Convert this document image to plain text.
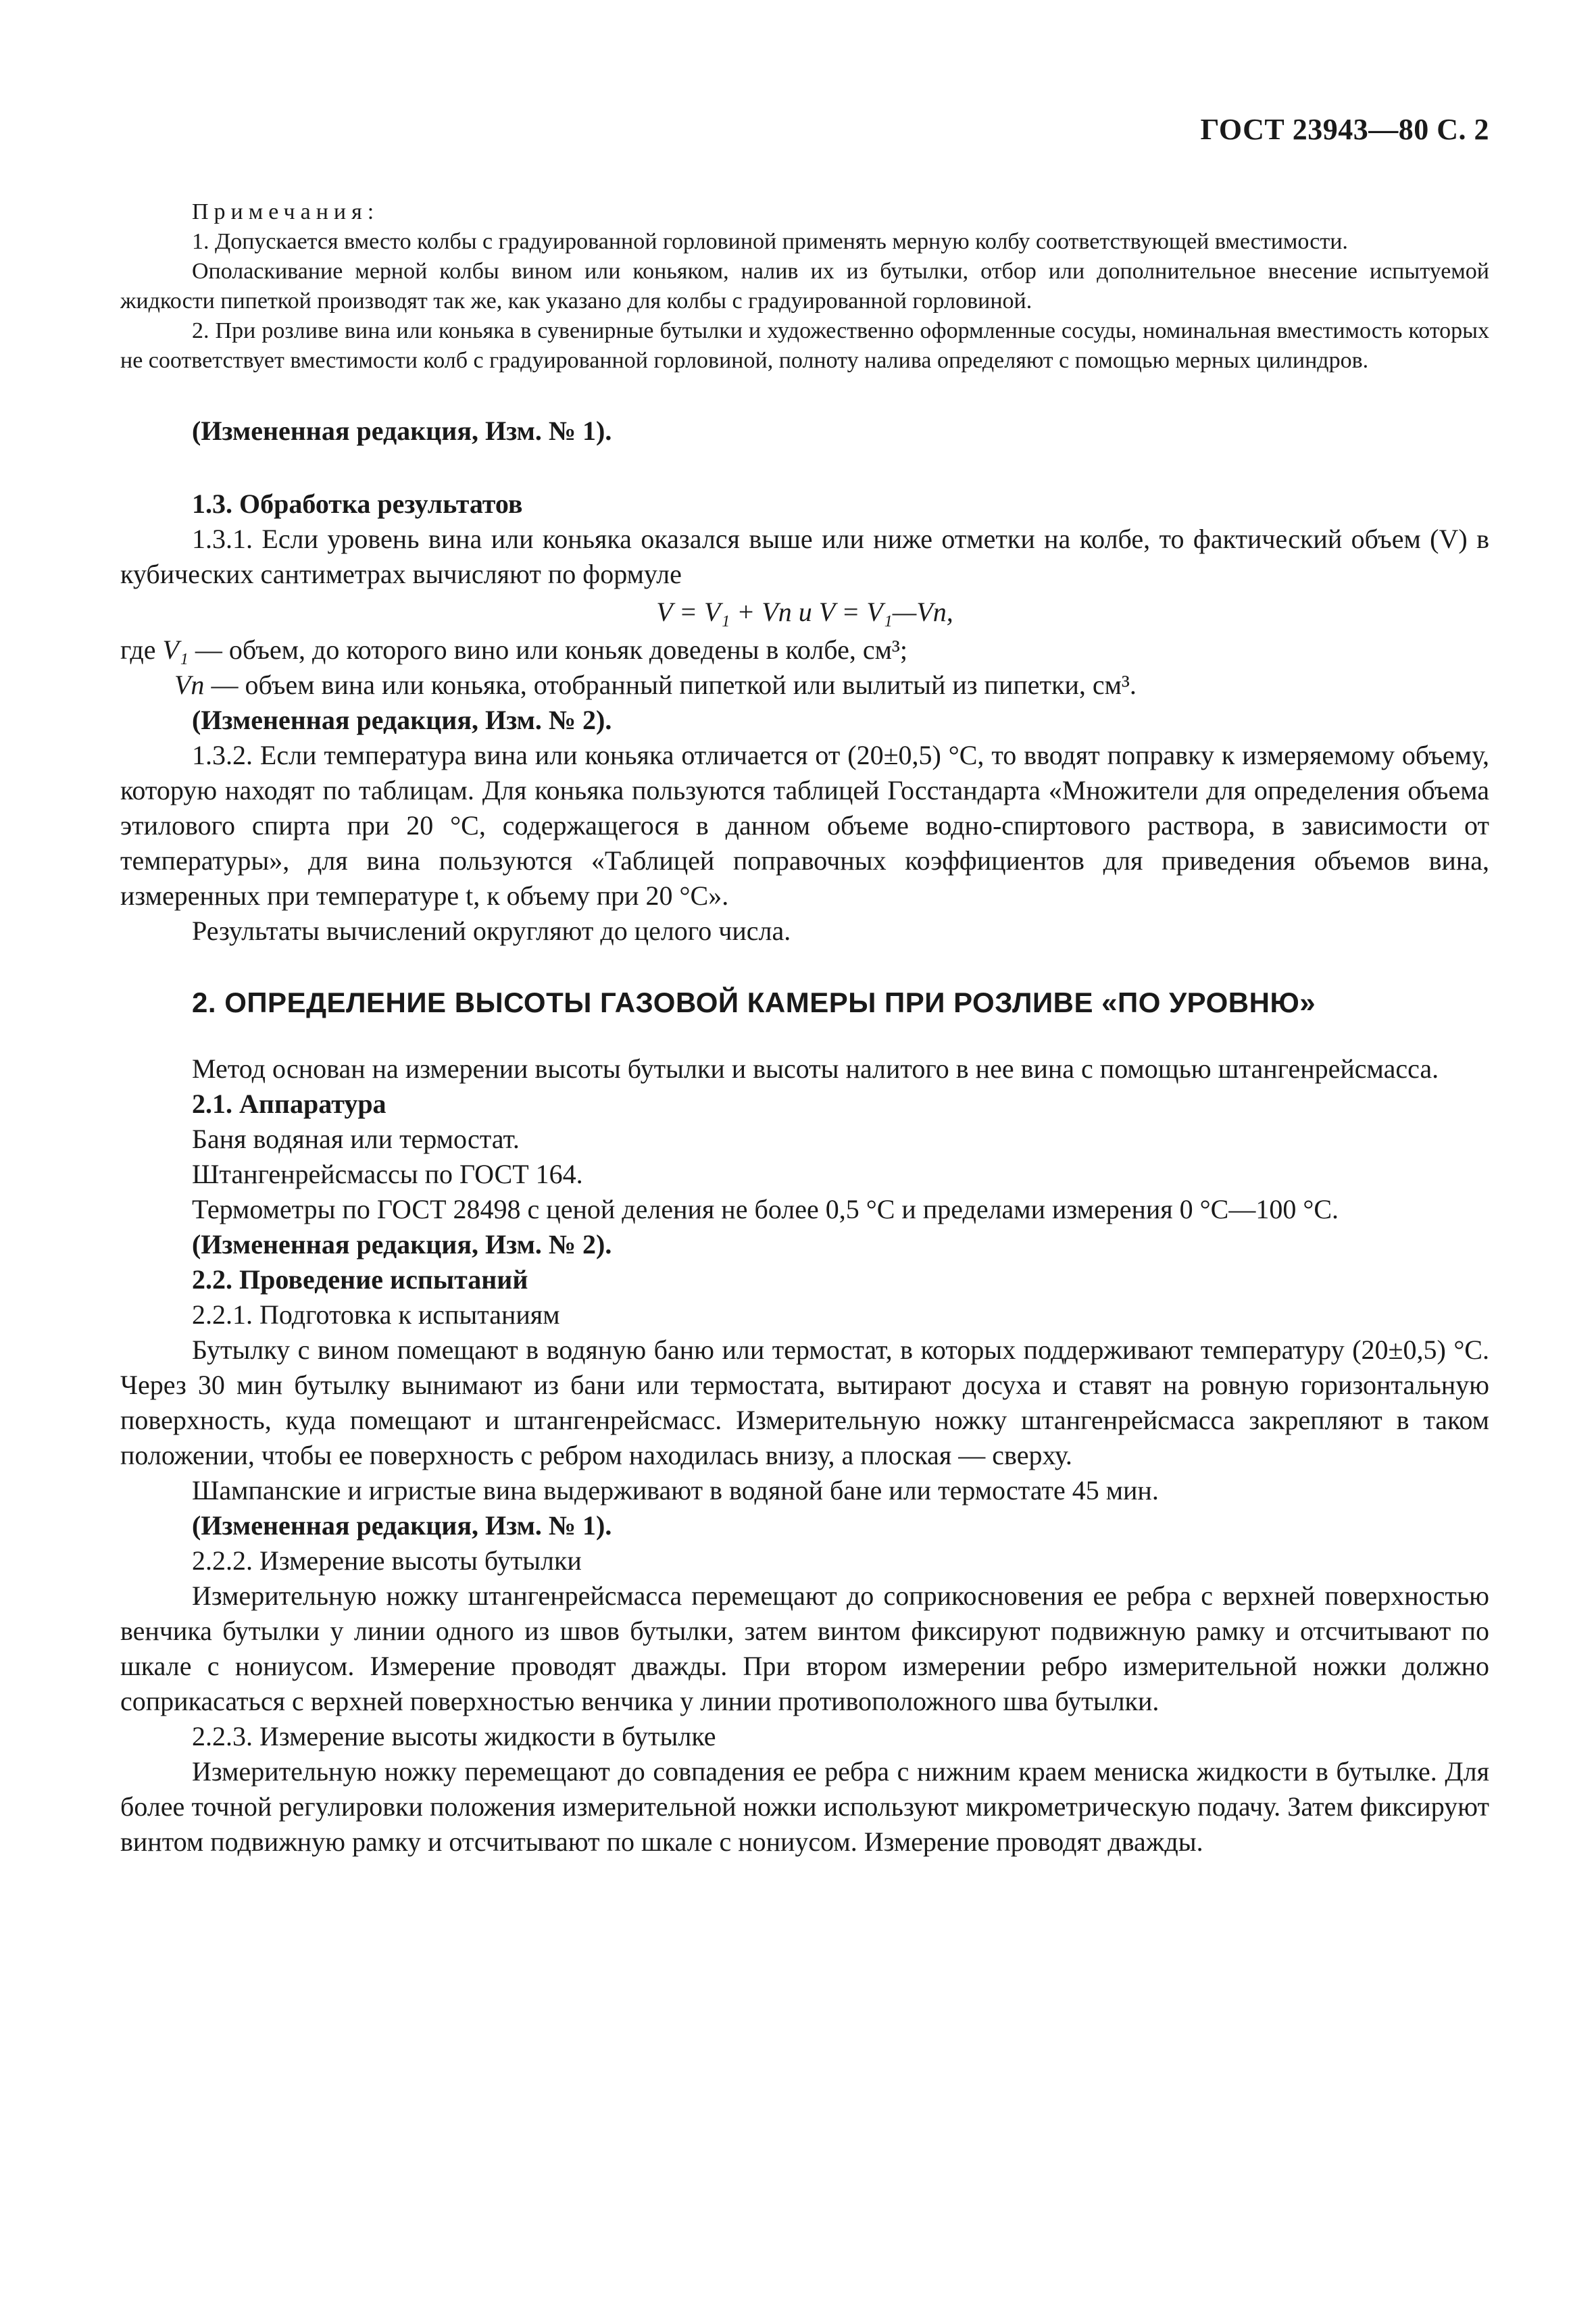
ГОСТ 23943—80 С. 2

Примечания:

1. Допускается вместо колбы с градуированной горловиной применять мерную колбу соответствующей вместимости.

Ополаскивание мерной колбы вином или коньяком, налив их из бутылки, отбор или дополнительное внесение испытуемой жидкости пипеткой производят так же, как указано для колбы с градуированной горловиной.

2. При розливе вина или коньяка в сувенирные бутылки и художественно оформленные сосуды, номинальная вместимость которых не соответствует вместимости колб с градуированной горловиной, полноту налива определяют с помощью мерных цилиндров.

(Измененная редакция, Изм. № 1).

1.3. Обработка результатов

1.3.1. Если уровень вина или коньяка оказался выше или ниже отметки на колбе, то фактический объем (V) в кубических сантиметрах вычисляют по формуле

V = V₁ + Vп и V = V₁—Vп,

где V₁ — объем, до которого вино или коньяк доведены в колбе, см³;

Vп — объем вина или коньяка, отобранный пипеткой или вылитый из пипетки, см³.

(Измененная редакция, Изм. № 2).

1.3.2. Если температура вина или коньяка отличается от (20±0,5) °C, то вводят поправку к измеряемому объему, которую находят по таблицам. Для коньяка пользуются таблицей Госстандарта «Множители для определения объема этилового спирта при 20 °C, содержащегося в данном объеме водно-спиртового раствора, в зависимости от температуры», для вина пользуются «Таблицей поправочных коэффициентов для приведения объемов вина, измеренных при температуре t, к объему при 20 °C».

Результаты вычислений округляют до целого числа.

2. ОПРЕДЕЛЕНИЕ ВЫСОТЫ ГАЗОВОЙ КАМЕРЫ ПРИ РОЗЛИВЕ «ПО УРОВНЮ»

Метод основан на измерении высоты бутылки и высоты налитого в нее вина с помощью штангенрейсмасса.

2.1. Аппаратура

Баня водяная или термостат.

Штангенрейсмассы по ГОСТ 164.

Термометры по ГОСТ 28498 с ценой деления не более 0,5 °C и пределами измерения 0 °C—100 °C.

(Измененная редакция, Изм. № 2).

2.2. Проведение испытаний

2.2.1. Подготовка к испытаниям

Бутылку с вином помещают в водяную баню или термостат, в которых поддерживают температуру (20±0,5) °C. Через 30 мин бутылку вынимают из бани или термостата, вытирают досуха и ставят на ровную горизонтальную поверхность, куда помещают и штангенрейсмасс. Измерительную ножку штангенрейсмасса закрепляют в таком положении, чтобы ее поверхность с ребром находилась внизу, а плоская — сверху.

Шампанские и игристые вина выдерживают в водяной бане или термостате 45 мин.

(Измененная редакция, Изм. № 1).

2.2.2. Измерение высоты бутылки

Измерительную ножку штангенрейсмасса перемещают до соприкосновения ее ребра с верхней поверхностью венчика бутылки у линии одного из швов бутылки, затем винтом фиксируют подвижную рамку и отсчитывают по шкале с нониусом. Измерение проводят дважды. При втором измерении ребро измерительной ножки должно соприкасаться с верхней поверхностью венчика у линии противоположного шва бутылки.

2.2.3. Измерение высоты жидкости в бутылке

Измерительную ножку перемещают до совпадения ее ребра с нижним краем мениска жидкости в бутылке. Для более точной регулировки положения измерительной ножки используют микрометрическую подачу. Затем фиксируют винтом подвижную рамку и отсчитывают по шкале с нониусом. Измерение проводят дважды.
